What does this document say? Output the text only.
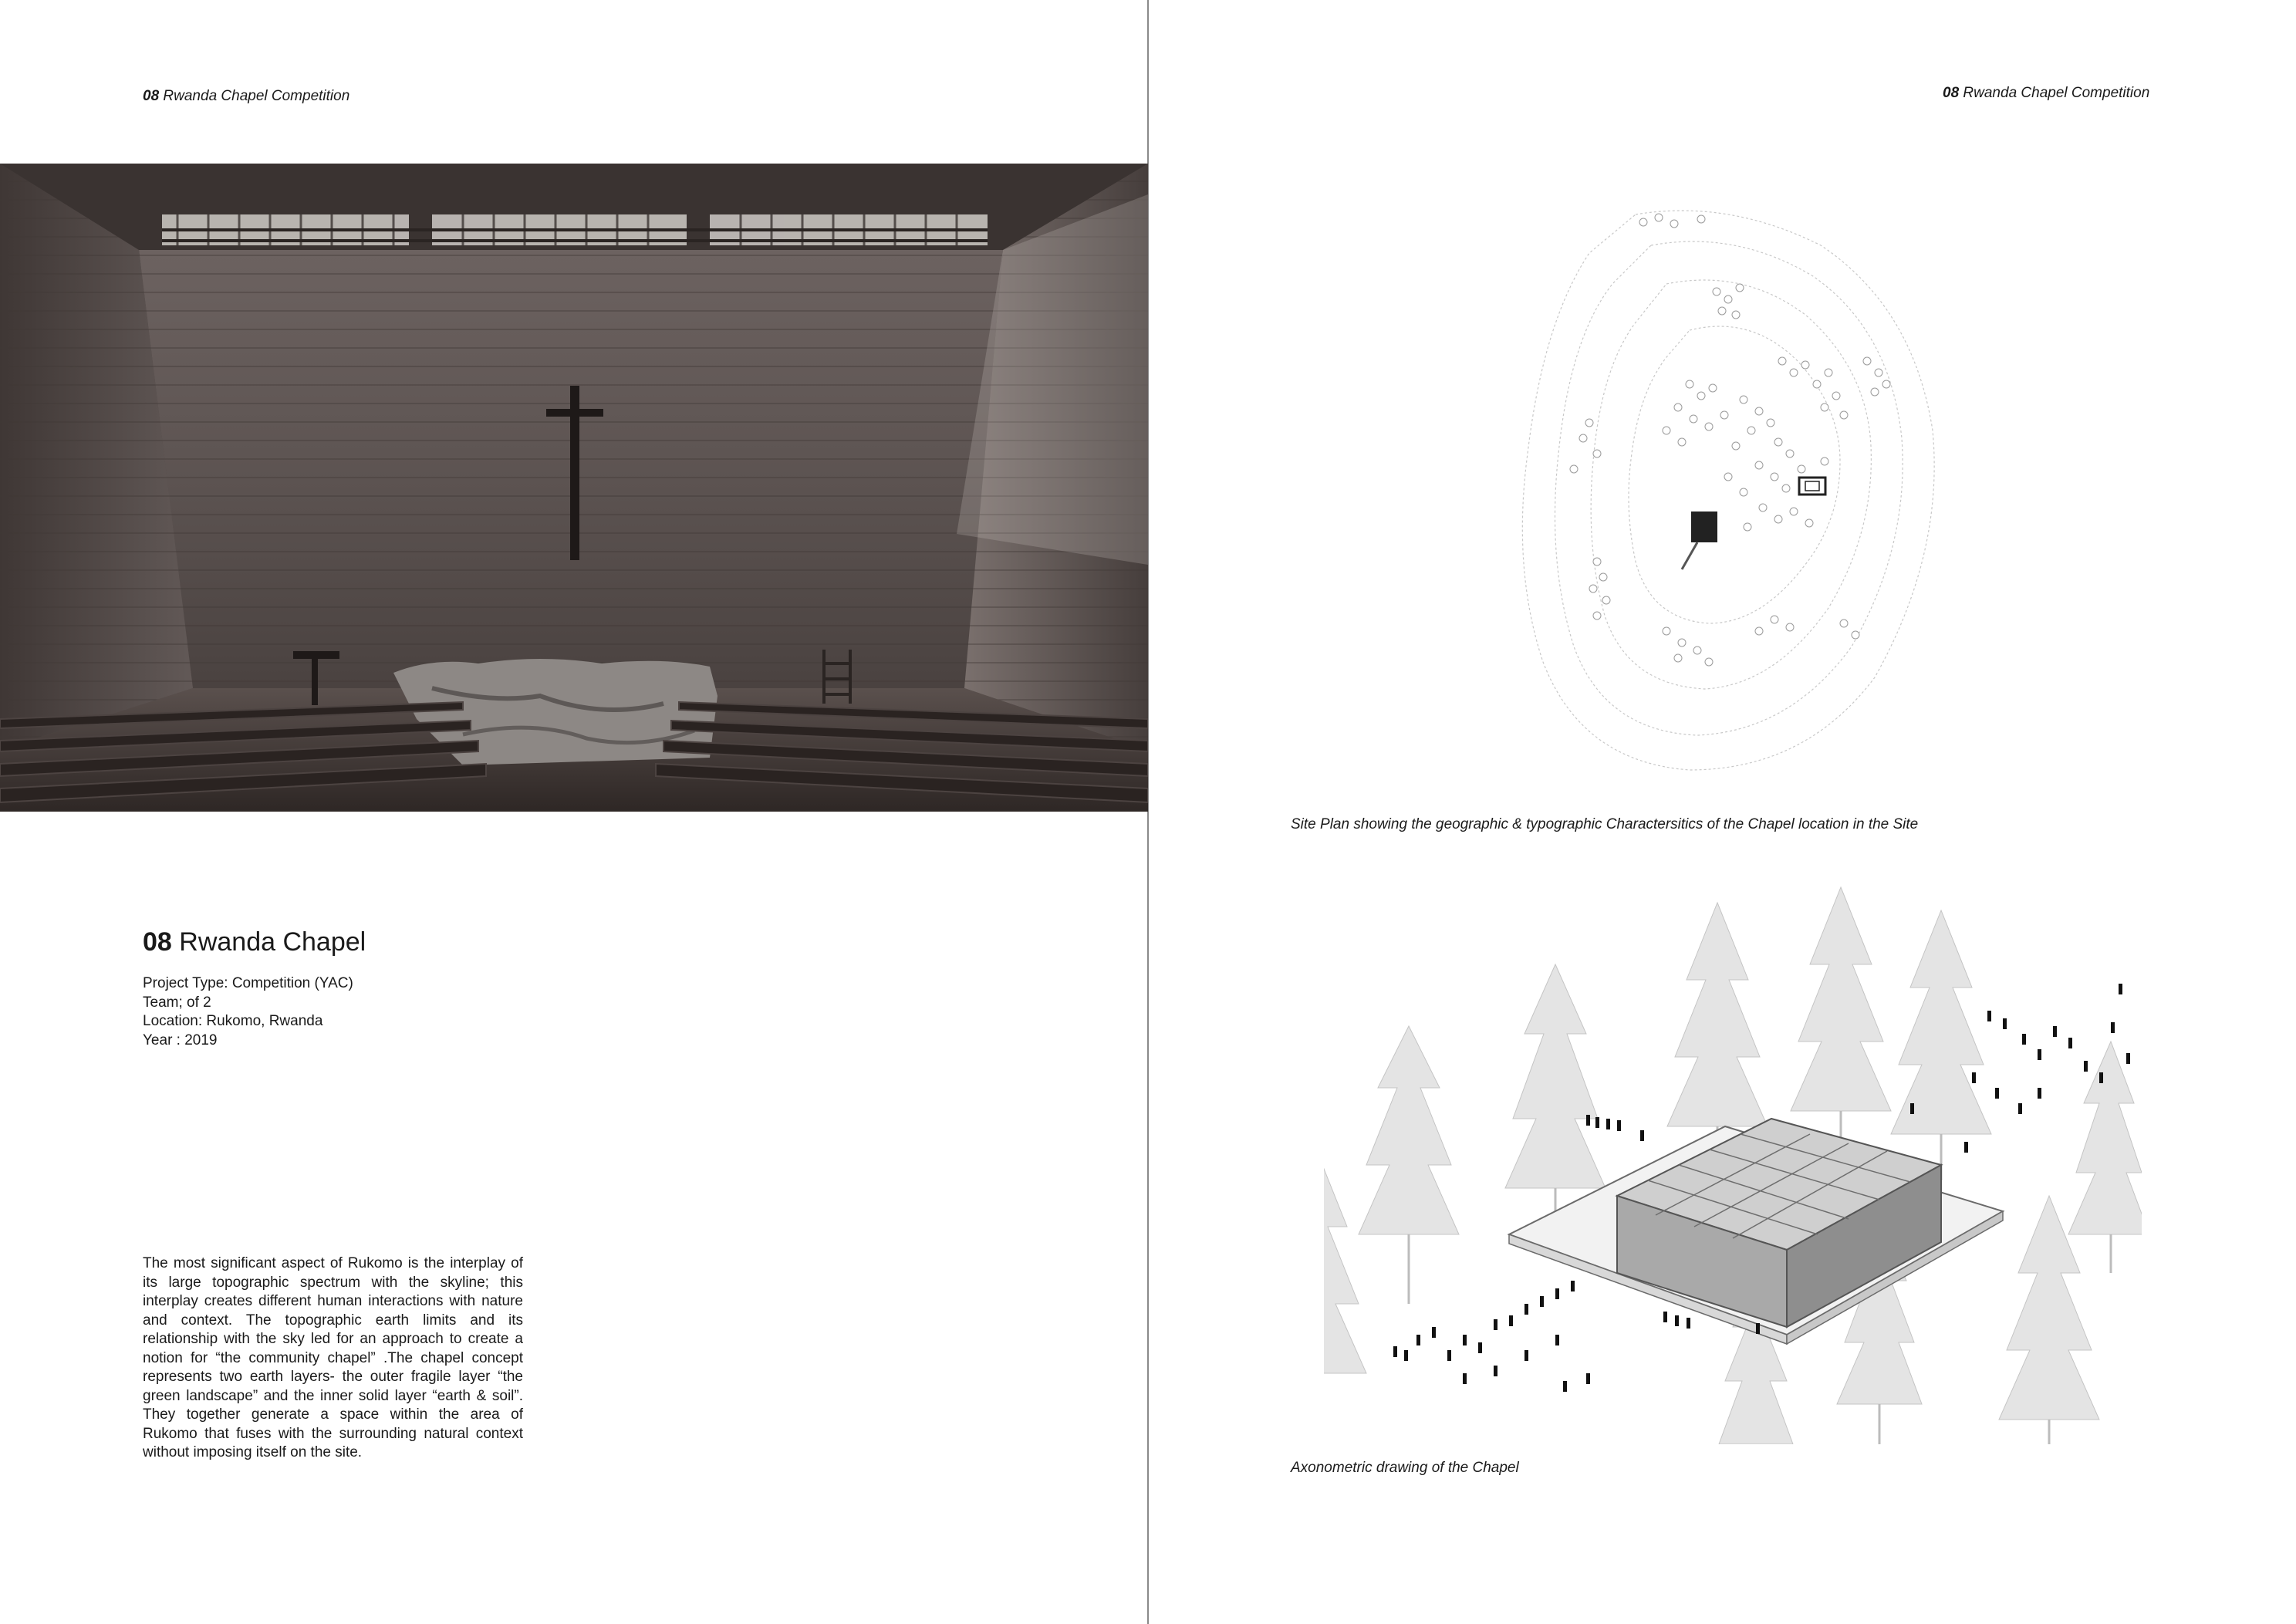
08 Rwanda Chapel Competition
08 Rwanda Chapel
Project Type: Competition (YAC)
Team; of 2
Location: Rukomo, Rwanda
Year : 2019
The most significant aspect of Rukomo is the interplay of its large topographic spectrum with the skyline; this interplay creates different human interactions with nature and context. The topographic earth limits and its relationship with the sky led for an approach to create a notion for “the community chapel” .The chapel concept represents two earth layers- the outer fragile layer “the green landscape” and the inner solid layer “earth & soil”. They together generate a space within the area of Rukomo that fuses with the surrounding natural context without imposing itself on the site.
08 Rwanda Chapel Competition
Site Plan showing the geographic & typographic Charactersitics of the Chapel location in the Site
Axonometric drawing of the Chapel
